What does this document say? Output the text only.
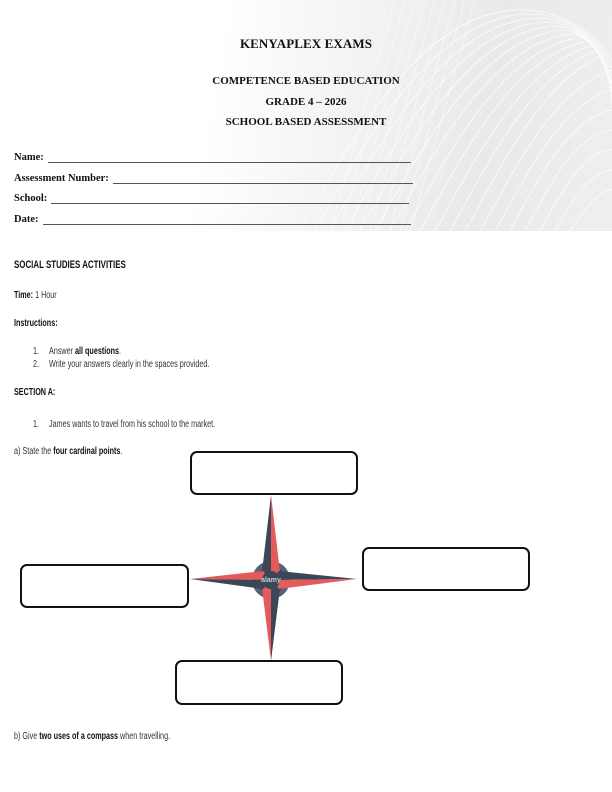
KENYAPLEX EXAMS
COMPETENCE BASED EDUCATION
GRADE 4 – 2026
SCHOOL BASED ASSESSMENT
Name:
Assessment Number:
School:
Date:
SOCIAL STUDIES ACTIVITIES
Time: 1 Hour
Instructions:
1. Answer all questions.
2. Write your answers clearly in the spaces provided.
SECTION A:
1. James wants to travel from his school to the market.
a) State the four cardinal points.
alamy
b) Give two uses of a compass when travelling.
